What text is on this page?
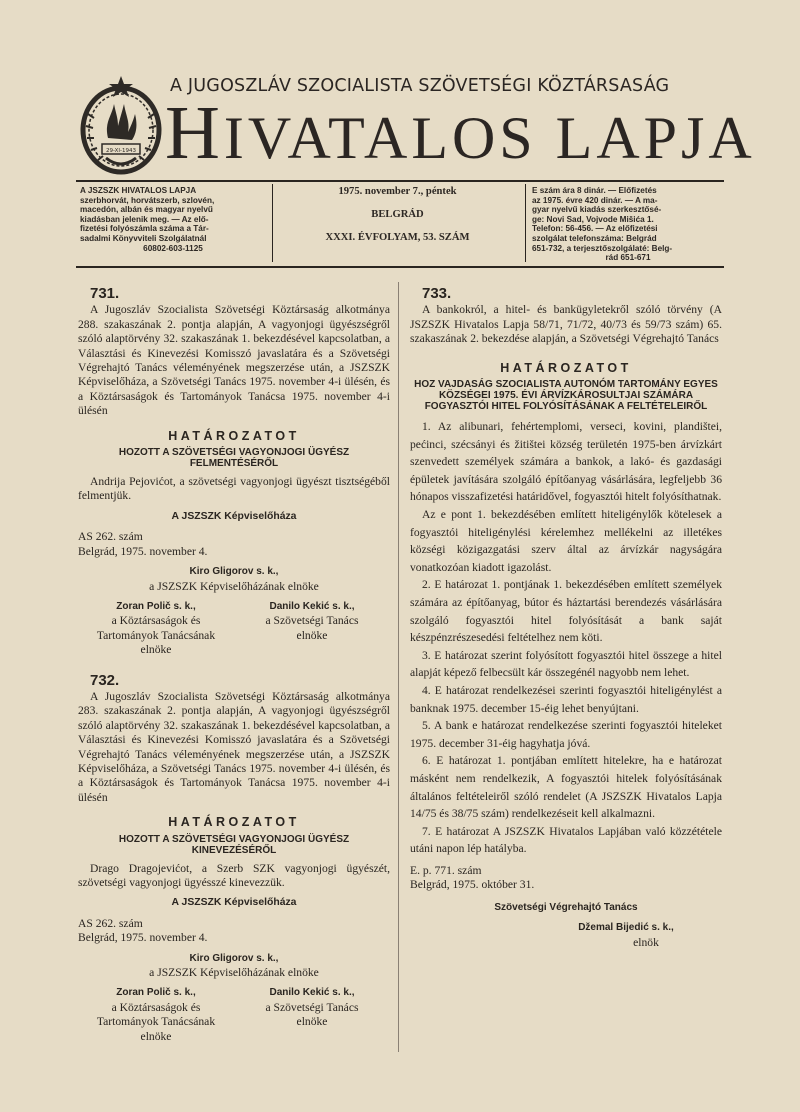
29-XI-1943
A JUGOSZLÁV SZOCIALISTA SZÖVETSÉGI KÖZTÁRSASÁG
HIVATALOS LAPJA
A JSZSZK HIVATALOS LAPJA
szerbhorvát, horvátszerb, szlovén,
macedón, albán és magyar nyelvű
kiadásban jelenik meg. — Az elő-
fizetési folyószámla száma a Tár-
sadalmi Könyvviteli Szolgálatnál
60802-603-1125
1975. november 7., péntek
BELGRÁD
XXXI. ÉVFOLYAM, 53. SZÁM
E szám ára 8 dinár. — Előfizetés
az 1975. évre 420 dinár. — A ma-
gyar nyelvű kiadás szerkesztősé-
ge: Novi Sad, Vojvode Mišića 1.
Telefon: 56-456. — Az előfizetési
szolgálat telefonszáma: Belgrád
651-732, a terjesztőszolgálaté: Belg-
rád 651-671
731.

A Jugoszláv Szocialista Szövetségi Köztársaság alkotmánya 288. szakaszának 2. pontja alapján, A vagyonjogi ügyészségről szóló alaptörvény 32. szakaszának 1. bekezdésével kapcsolatban, a Választási és Kinevezési Komisszó javaslatára és a Szövetségi Végrehajtó Tanács véleményének megszerzése után, a JSZSZK Képviselőháza, a Szövetségi Tanács 1975. november 4-i ülésén, és a Köztársaságok és Tartományok Tanácsa 1975. november 4-i ülésén

HATÁROZATOT
HOZOTT A SZÖVETSÉGI VAGYONJOGI ÜGYÉSZ FELMENTÉSÉRŐL

Andrija Pejovićot, a szövetségi vagyonjogi ügyészt tisztségéből felmentjük.

A JSZSZK Képviselőháza
AS 262. szám
Belgrád, 1975. november 4.
Kiro Gligorov s. k.,
a JSZSZK Képviselőházának elnöke
Zoran Polič s. k.,
a Köztársaságok és
Tartományok Tanácsának
elnöke
Danilo Kekić s. k.,
a Szövetségi Tanács
elnöke
732.

A Jugoszláv Szocialista Szövetségi Köztársaság alkotmánya 283. szakaszának 2. pontja alapján, A vagyonjogi ügyészségről szóló alaptörvény 32. szakaszának 1. bekezdésével kapcsolatban, a Választási és Kinevezési Komisszó javaslatára és a Szövetségi Végrehajtó Tanács véleményének megszerzése után, a JSZSZK Képviselőháza, a Szövetségi Tanács 1975. november 4-i ülésén, és a Köztársaságok és Tartományok Tanácsa 1975. november 4-i ülésén

HATÁROZATOT
HOZOTT A SZÖVETSÉGI VAGYONJOGI ÜGYÉSZ KINEVEZÉSÉRŐL

Drago Dragojevićot, a Szerb SZK vagyonjogi ügyészét, szövetségi vagyonjogi ügyésszé kinevezzük.

A JSZSZK Képviselőháza
AS 262. szám
Belgrád, 1975. november 4.
Kiro Gligorov s. k.,
a JSZSZK Képviselőházának elnöke
Zoran Polič s. k.,
a Köztársaságok és
Tartományok Tanácsának
elnöke
Danilo Kekić s. k.,
a Szövetségi Tanács
elnöke
733.

A bankokról, a hitel- és bankügyletekről szóló törvény (A JSZSZK Hivatalos Lapja 58/71, 71/72, 40/73 és 59/73 szám) 65. szakaszának 2. bekezdése alapján, a Szövetségi Végrehajtó Tanács

HATÁROZATOT
HOZ VAJDASÁG SZOCIALISTA AUTONÓM TARTOMÁNY EGYES KÖZSÉGEI 1975. ÉVI ÁRVÍZKÁROSULTJAI SZÁMÁRA FOGYASZTÓI HITEL FOLYÓSÍTÁSÁNAK A FELTÉTELEIRŐL

1. Az alibunari, fehértemplomi, verseci, kovini, plandištei, pećinci, szécsányi és žitištei község területén 1975-ben árvízkárt szenvedett személyek számára a bankok, a lakó- és gazdasági épületek javítására szolgáló építőanyag vásárlására, legfeljebb 36 hónapos visszafizetési határidővel, fogyasztói hitelt folyósíthatnak.

Az e pont 1. bekezdésében említett hiteligénylők kötelesek a fogyasztói hiteligénylési kérelemhez mellékelni az illetékes községi közigazgatási szerv által az árvízkár nagyságára vonatkozóan kiadott igazolást.

2. E határozat 1. pontjának 1. bekezdésében említett személyek számára az építőanyag, bútor és háztartási berendezés vásárlására szolgáló fogyasztói hitel folyósítását a bank saját készpénzrészesedési feltételhez nem köti.

3. E határozat szerint folyósított fogyasztói hitel összege a hitel alapját képező felbecsült kár összegénél nagyobb nem lehet.

4. E határozat rendelkezései szerinti fogyasztói hiteligénylést a banknak 1975. december 15-éig lehet benyújtani.

5. A bank e határozat rendelkezése szerinti fogyasztói hiteleket 1975. december 31-éig hagyhatja jóvá.

6. E határozat 1. pontjában említett hitelekre, ha e határozat másként nem rendelkezik, A fogyasztói hitelek folyósításának általános feltételeiről szóló rendelet (A JSZSZK Hivatalos Lapja 14/75 és 38/75 szám) rendelkezéseit kell alkalmazni.

7. E határozat A JSZSZK Hivatalos Lapjában való közzététele utáni napon lép hatályba.

E. p. 771. szám
Belgrád, 1975. október 31.
Szövetségi Végrehajtó Tanács
Džemal Bijedić s. k.,
elnök
